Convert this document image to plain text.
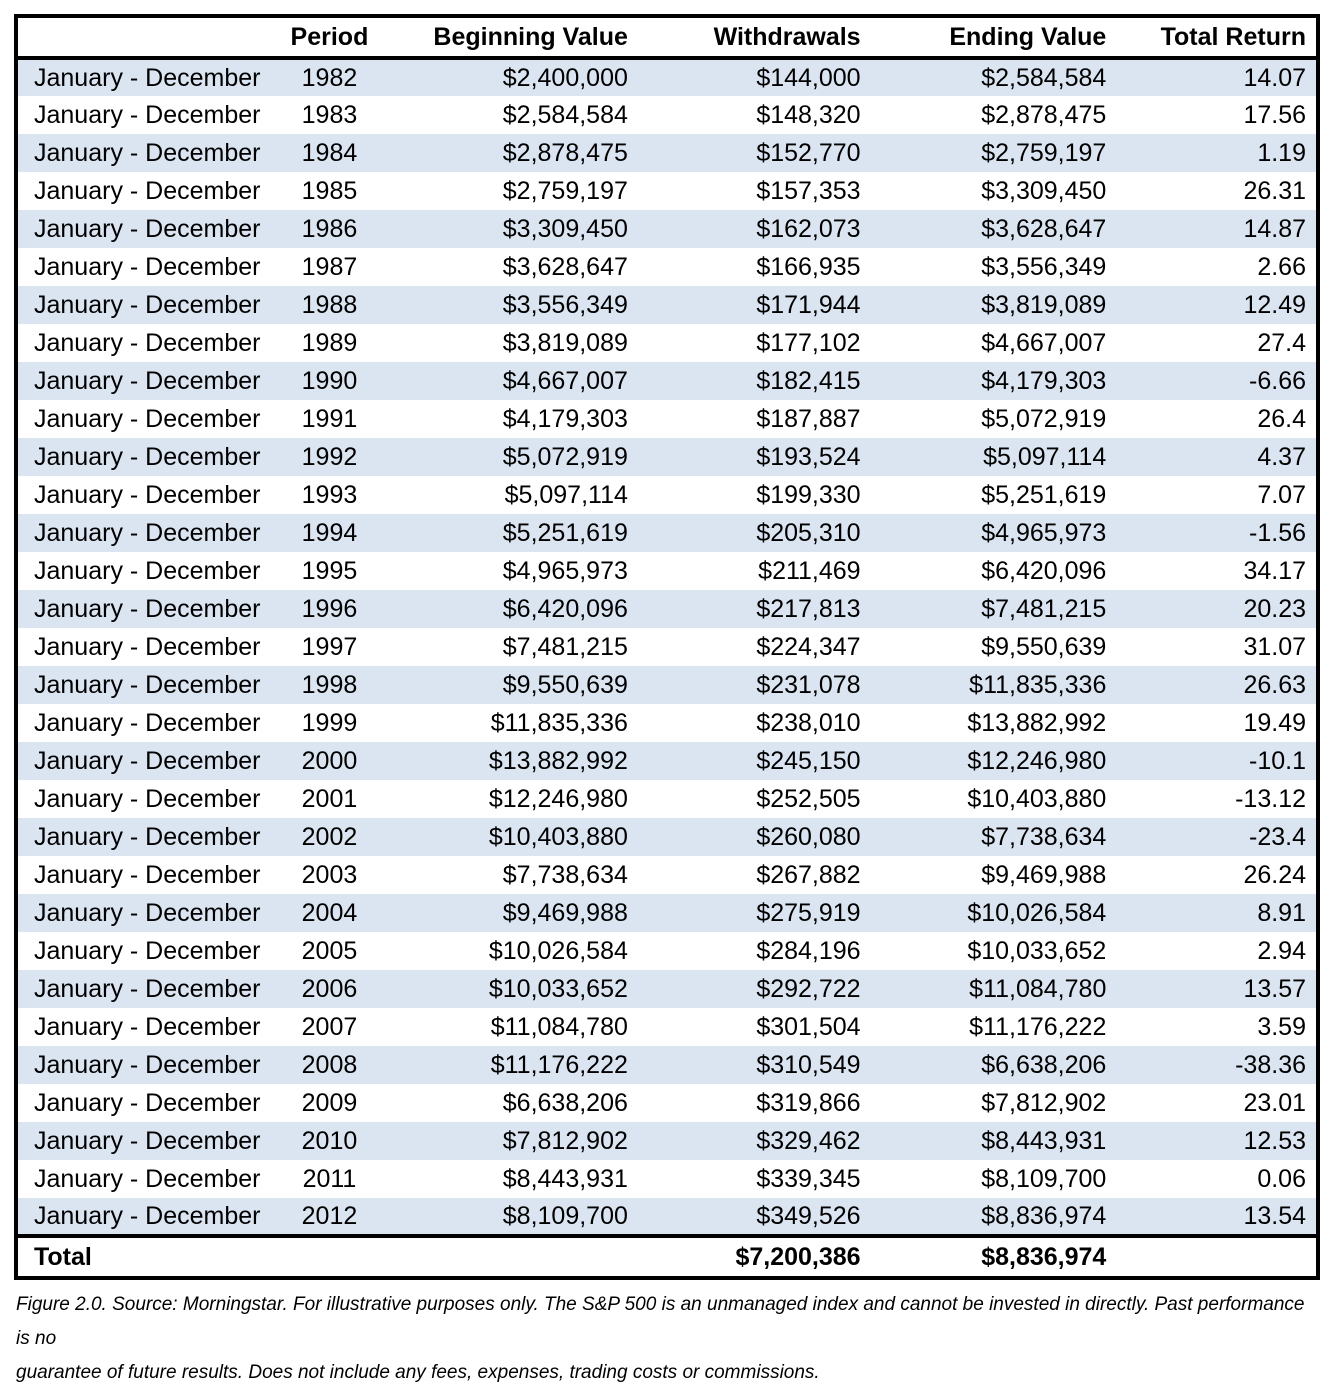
	Period	Beginning Value	Withdrawals	Ending Value	Total Return
January - December	1982	$2,400,000	$144,000	$2,584,584	14.07
January - December	1983	$2,584,584	$148,320	$2,878,475	17.56
January - December	1984	$2,878,475	$152,770	$2,759,197	1.19
January - December	1985	$2,759,197	$157,353	$3,309,450	26.31
January - December	1986	$3,309,450	$162,073	$3,628,647	14.87
January - December	1987	$3,628,647	$166,935	$3,556,349	2.66
January - December	1988	$3,556,349	$171,944	$3,819,089	12.49
January - December	1989	$3,819,089	$177,102	$4,667,007	27.4
January - December	1990	$4,667,007	$182,415	$4,179,303	-6.66
January - December	1991	$4,179,303	$187,887	$5,072,919	26.4
January - December	1992	$5,072,919	$193,524	$5,097,114	4.37
January - December	1993	$5,097,114	$199,330	$5,251,619	7.07
January - December	1994	$5,251,619	$205,310	$4,965,973	-1.56
January - December	1995	$4,965,973	$211,469	$6,420,096	34.17
January - December	1996	$6,420,096	$217,813	$7,481,215	20.23
January - December	1997	$7,481,215	$224,347	$9,550,639	31.07
January - December	1998	$9,550,639	$231,078	$11,835,336	26.63
January - December	1999	$11,835,336	$238,010	$13,882,992	19.49
January - December	2000	$13,882,992	$245,150	$12,246,980	-10.1
January - December	2001	$12,246,980	$252,505	$10,403,880	-13.12
January - December	2002	$10,403,880	$260,080	$7,738,634	-23.4
January - December	2003	$7,738,634	$267,882	$9,469,988	26.24
January - December	2004	$9,469,988	$275,919	$10,026,584	8.91
January - December	2005	$10,026,584	$284,196	$10,033,652	2.94
January - December	2006	$10,033,652	$292,722	$11,084,780	13.57
January - December	2007	$11,084,780	$301,504	$11,176,222	3.59
January - December	2008	$11,176,222	$310,549	$6,638,206	-38.36
January - December	2009	$6,638,206	$319,866	$7,812,902	23.01
January - December	2010	$7,812,902	$329,462	$8,443,931	12.53
January - December	2011	$8,443,931	$339,345	$8,109,700	0.06
January - December	2012	$8,109,700	$349,526	$8,836,974	13.54
Total			$7,200,386	$8,836,974	
Figure 2.0. Source: Morningstar. For illustrative purposes only. The S&P 500 is an unmanaged index and cannot be invested in directly. Past performance is no
guarantee of future results. Does not include any fees, expenses, trading costs or commissions.
